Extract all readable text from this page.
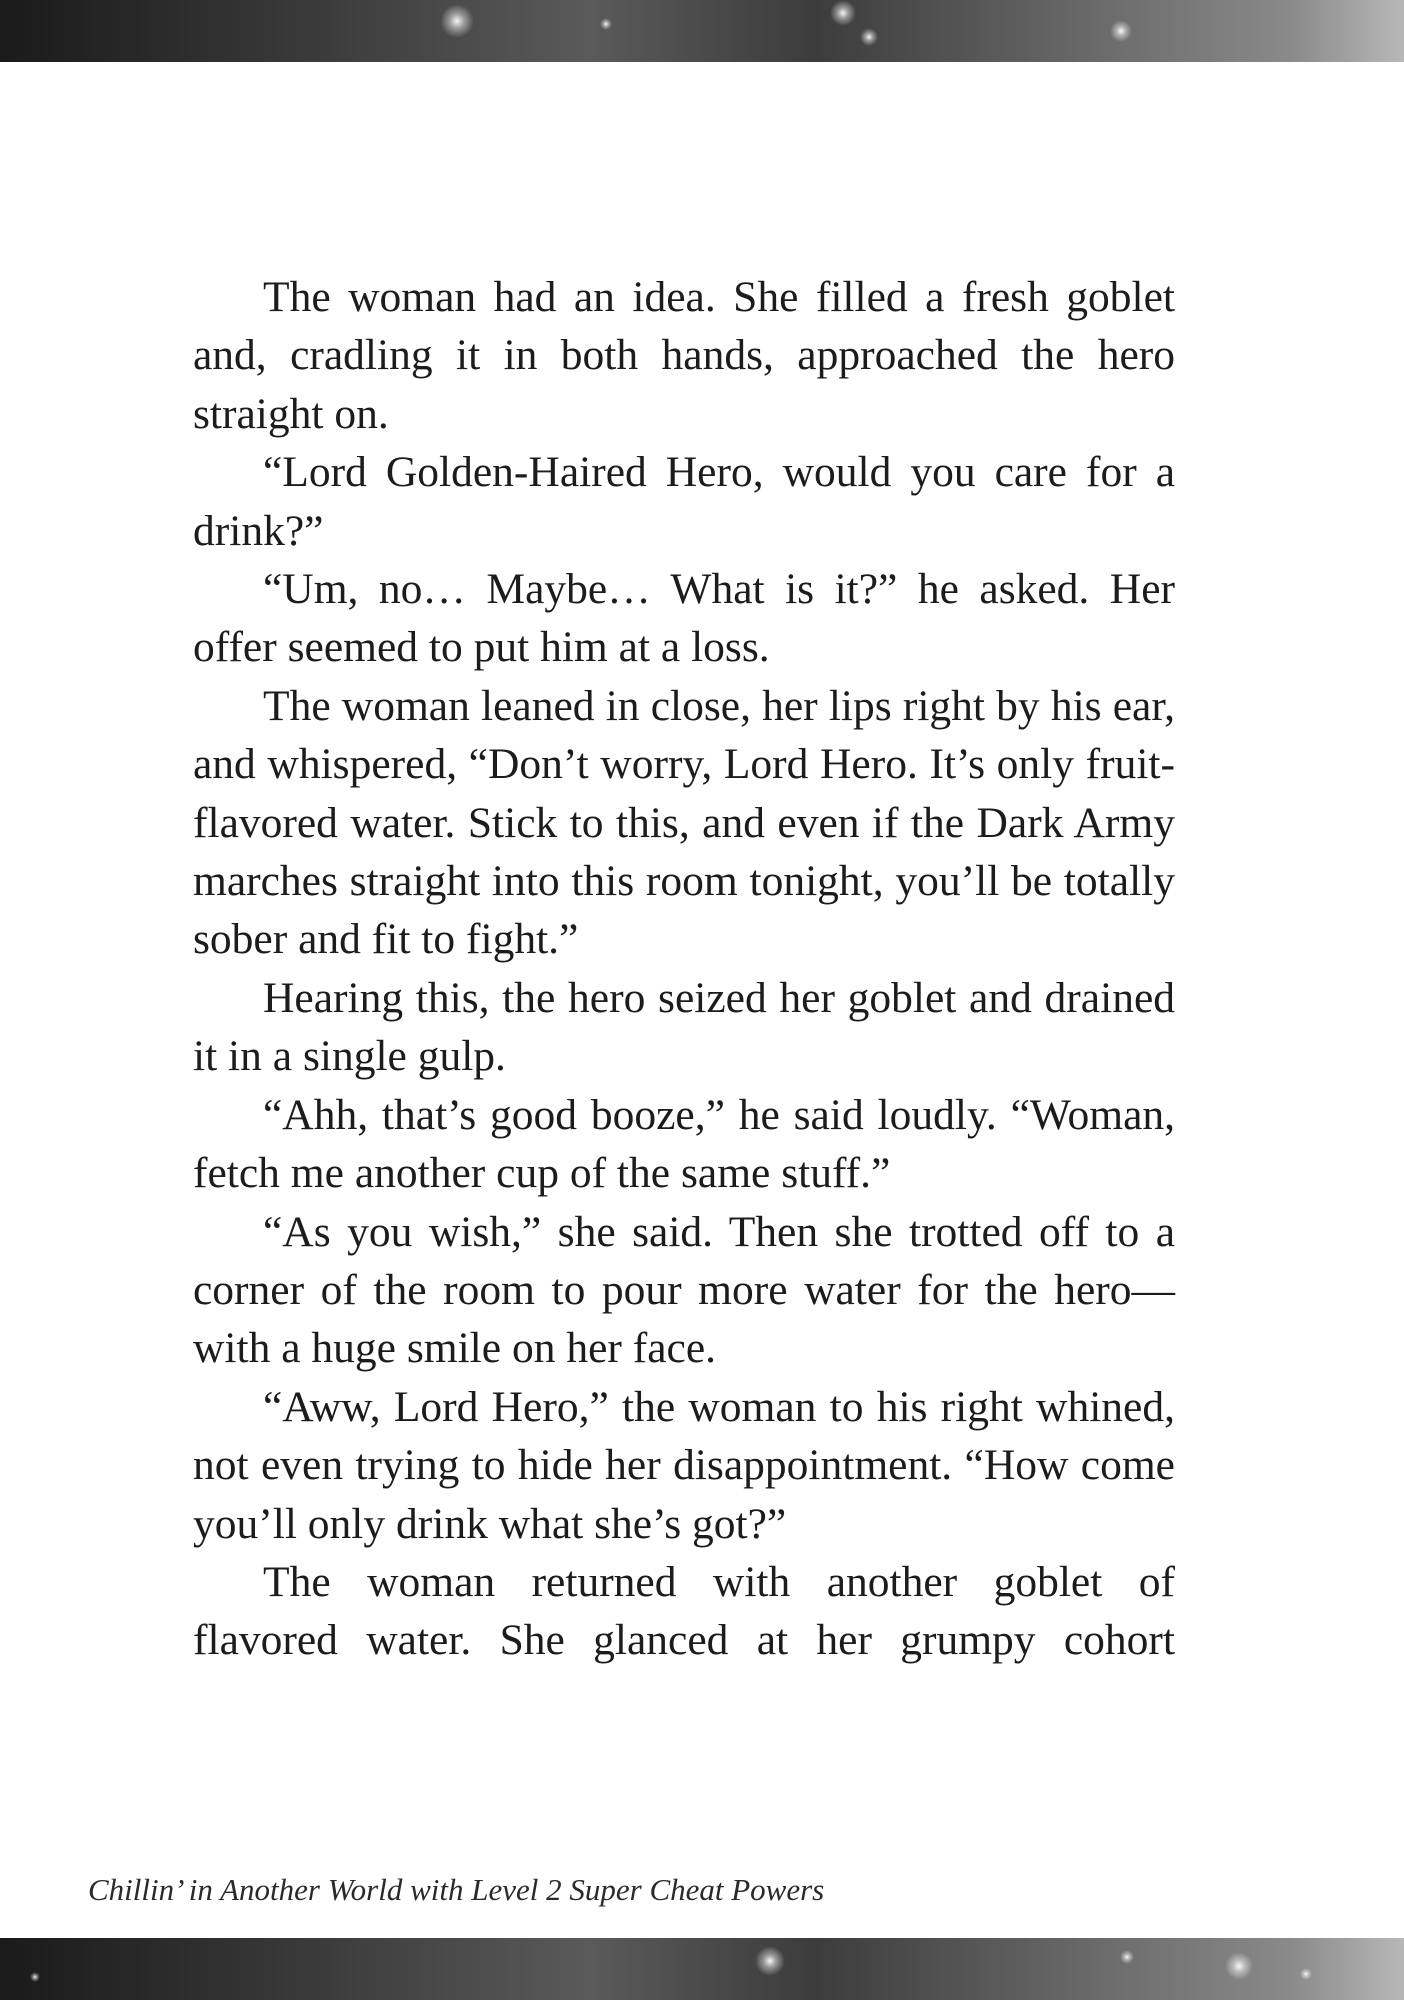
The woman had an idea. She filled a fresh goblet and, cradling it in both hands, approached the hero straight on.

“Lord Golden-Haired Hero, would you care for a drink?”

“Um, no… Maybe… What is it?” he asked. Her offer seemed to put him at a loss.

The woman leaned in close, her lips right by his ear, and whispered, “Don’t worry, Lord Hero. It’s only fruit-flavored water. Stick to this, and even if the Dark Army marches straight into this room tonight, you’ll be totally sober and fit to fight.”

Hearing this, the hero seized her goblet and drained it in a single gulp.

“Ahh, that’s good booze,” he said loudly. “Woman, fetch me another cup of the same stuff.”

“As you wish,” she said. Then she trotted off to a corner of the room to pour more water for the hero—with a huge smile on her face.

“Aww, Lord Hero,” the woman to his right whined, not even trying to hide her disappointment. “How come you’ll only drink what she’s got?”

The woman returned with another goblet of flavored water. She glanced at her grumpy cohort

Chillin’ in Another World with Level 2 Super Cheat Powers
